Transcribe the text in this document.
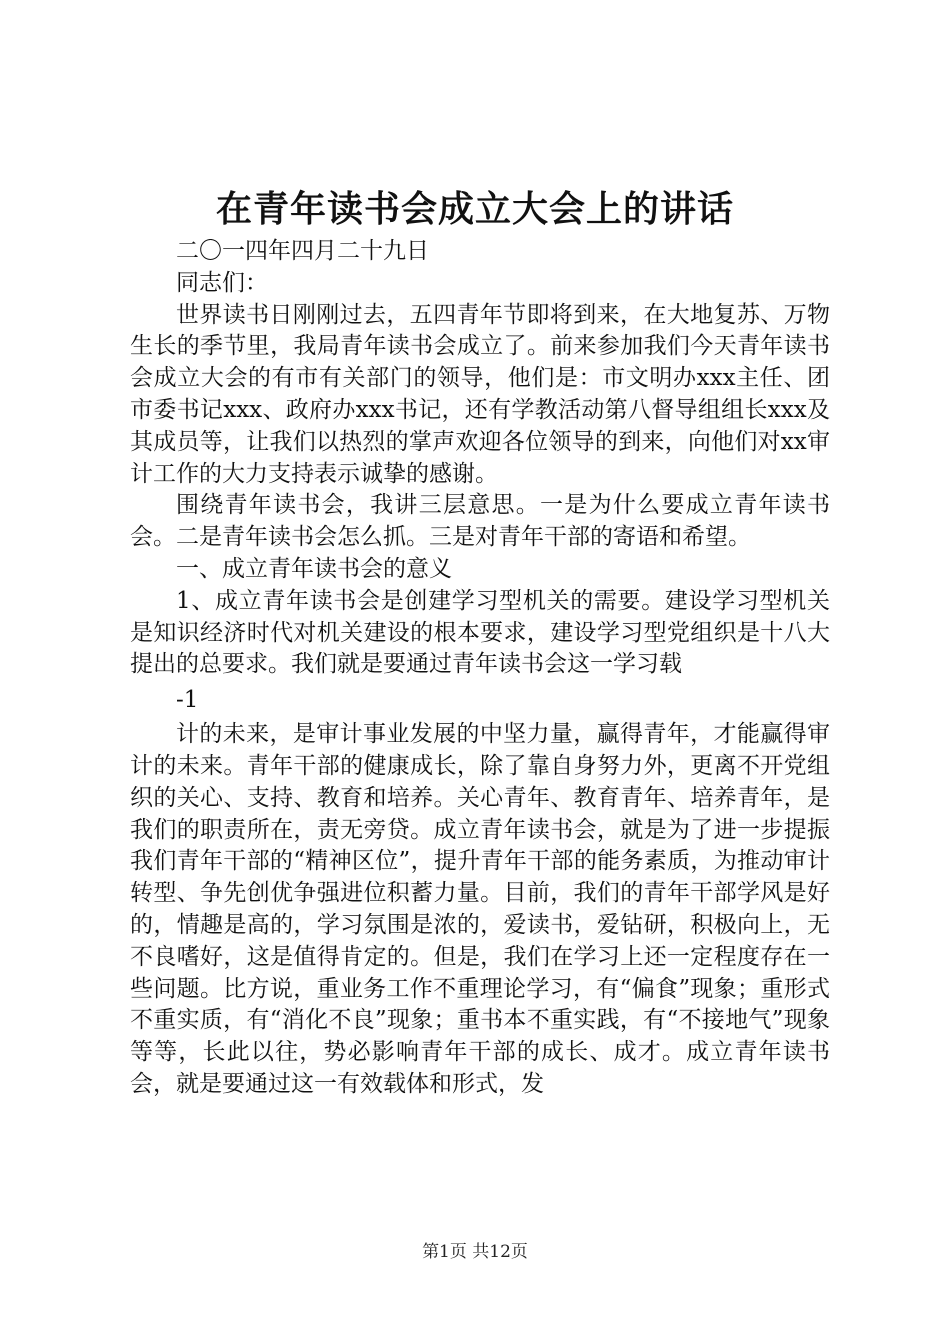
在青年读书会成立大会上的讲话

二〇一四年四月二十九日

同志们：

世界读书日刚刚过去，五四青年节即将到来，在大地复苏、万物生长的季节里，我局青年读书会成立了。前来参加我们今天青年读书会成立大会的有市有关部门的领导，他们是：市文明办xxx主任、团市委书记xxx、政府办xxx书记，还有学教活动第八督导组组长xxx及其成员等，让我们以热烈的掌声欢迎各位领导的到来，向他们对xx审计工作的大力支持表示诚挚的感谢。

围绕青年读书会，我讲三层意思。一是为什么要成立青年读书会。二是青年读书会怎么抓。三是对青年干部的寄语和希望。

一、成立青年读书会的意义

1、成立青年读书会是创建学习型机关的需要。建设学习型机关是知识经济时代对机关建设的根本要求，建设学习型党组织是十八大提出的总要求。我们就是要通过青年读书会这一学习载

-1

计的未来，是审计事业发展的中坚力量，赢得青年，才能赢得审计的未来。青年干部的健康成长，除了靠自身努力外，更离不开党组织的关心、支持、教育和培养。关心青年、教育青年、培养青年，是我们的职责所在，责无旁贷。成立青年读书会，就是为了进一步提振我们青年干部的“精神区位”，提升青年干部的能务素质，为推动审计转型、争先创优争强进位积蓄力量。目前，我们的青年干部学风是好的，情趣是高的，学习氛围是浓的，爱读书，爱钻研，积极向上，无不良嗜好，这是值得肯定的。但是，我们在学习上还一定程度存在一些问题。比方说，重业务工作不重理论学习，有“偏食”现象；重形式不重实质，有“消化不良”现象；重书本不重实践，有“不接地气”现象等等，长此以往，势必影响青年干部的成长、成才。成立青年读书会，就是要通过这一有效载体和形式，发

第1页 共12页
